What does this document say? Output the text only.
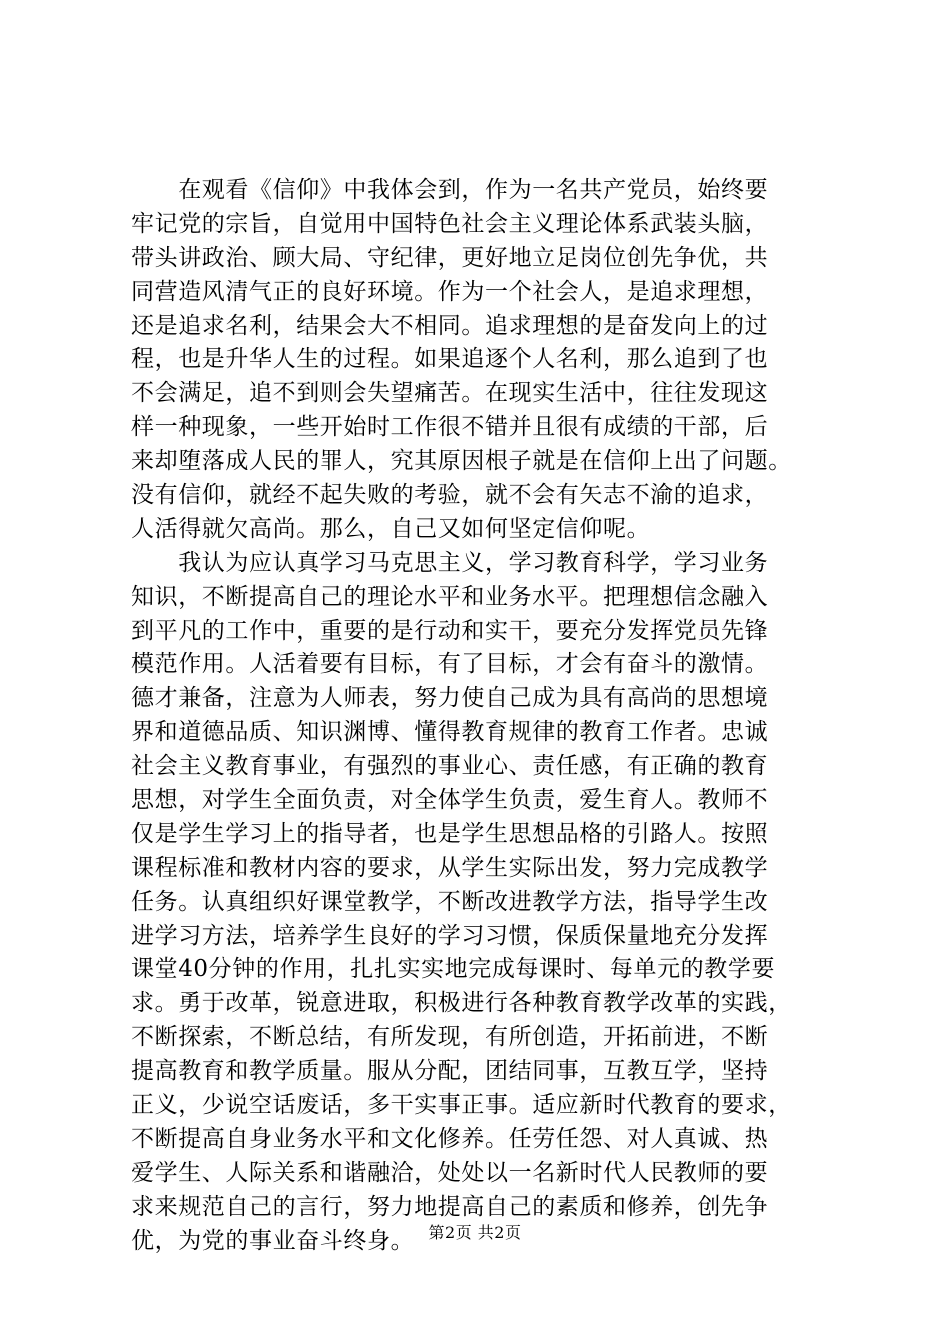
　　在观看《信仰》中我体会到，作为一名共产党员，始终要
牢记党的宗旨，自觉用中国特色社会主义理论体系武装头脑，
带头讲政治、顾大局、守纪律，更好地立足岗位创先争优，共
同营造风清气正的良好环境。作为一个社会人，是追求理想，
还是追求名利，结果会大不相同。追求理想的是奋发向上的过
程，也是升华人生的过程。如果追逐个人名利，那么追到了也
不会满足，追不到则会失望痛苦。在现实生活中，往往发现这
样一种现象，一些开始时工作很不错并且很有成绩的干部，后
来却堕落成人民的罪人，究其原因根子就是在信仰上出了问题。
没有信仰，就经不起失败的考验，就不会有矢志不渝的追求，
人活得就欠高尚。那么，自己又如何坚定信仰呢。
　　我认为应认真学习马克思主义，学习教育科学，学习业务
知识，不断提高自己的理论水平和业务水平。把理想信念融入
到平凡的工作中，重要的是行动和实干，要充分发挥党员先锋
模范作用。人活着要有目标，有了目标，才会有奋斗的激情。
德才兼备，注意为人师表，努力使自己成为具有高尚的思想境
界和道德品质、知识渊博、懂得教育规律的教育工作者。忠诚
社会主义教育事业，有强烈的事业心、责任感，有正确的教育
思想，对学生全面负责，对全体学生负责，爱生育人。教师不
仅是学生学习上的指导者，也是学生思想品格的引路人。按照
课程标准和教材内容的要求，从学生实际出发，努力完成教学
任务。认真组织好课堂教学，不断改进教学方法，指导学生改
进学习方法，培养学生良好的学习习惯，保质保量地充分发挥
课堂40分钟的作用，扎扎实实地完成每课时、每单元的教学要
求。勇于改革，锐意进取，积极进行各种教育教学改革的实践，
不断探索，不断总结，有所发现，有所创造，开拓前进，不断
提高教育和教学质量。服从分配，团结同事，互教互学，坚持
正义，少说空话废话，多干实事正事。适应新时代教育的要求，
不断提高自身业务水平和文化修养。任劳任怨、对人真诚、热
爱学生、人际关系和谐融洽，处处以一名新时代人民教师的要
求来规范自己的言行，努力地提高自己的素质和修养，创先争
优，为党的事业奋斗终身。 第2页 共2页
